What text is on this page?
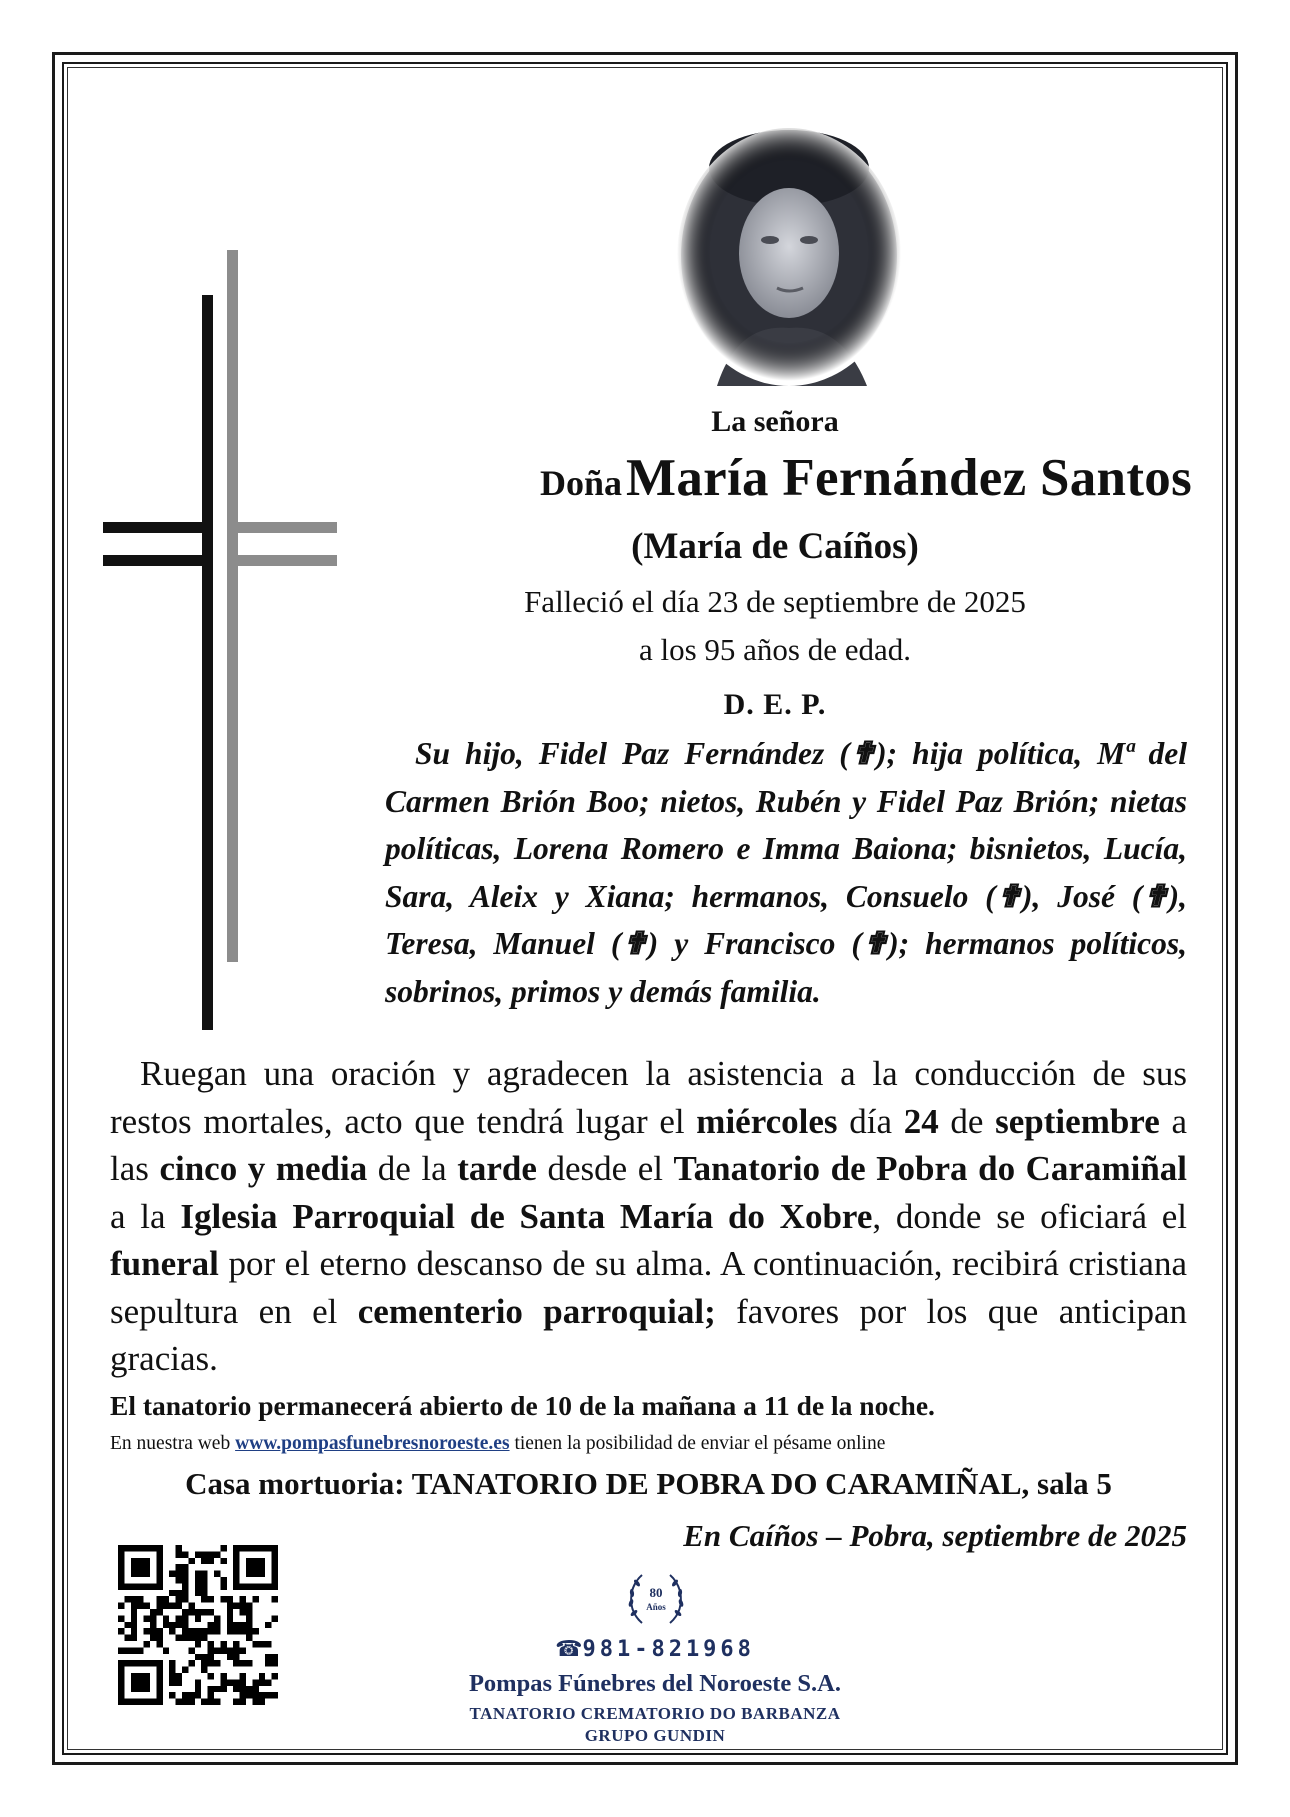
La señora
Doña María Fernández Santos
(María de Caíños)
Falleció el día 23 de septiembre de 2025
a los 95 años de edad.
D. E. P.

Su hijo, Fidel Paz Fernández (✟); hija política, Mª del Carmen Brión Boo; nietos, Rubén y Fidel Paz Brión; nietas políticas, Lorena Romero e Imma Baiona; bisnietos, Lucía, Sara, Aleix y Xiana; hermanos, Consuelo (✟), José (✟), Teresa, Manuel (✟) y Francisco (✟); hermanos políticos, sobrinos, primos y demás familia.

Ruegan una oración y agradecen la asistencia a la conducción de sus restos mortales, acto que tendrá lugar el miércoles día 24 de septiembre a las cinco y media de la tarde desde el Tanatorio de Pobra do Caramiñal a la Iglesia Parroquial de Santa María do Xobre, donde se oficiará el funeral por el eterno descanso de su alma. A continuación, recibirá cristiana sepultura en el cementerio parroquial; favores por los que anticipan gracias.

El tanatorio permanecerá abierto de 10 de la mañana a 11 de la noche.
En nuestra web www.pompasfunebresnoroeste.es tienen la posibilidad de enviar el pésame online
Casa mortuoria: TANATORIO DE POBRA DO CARAMIÑAL, sala 5
En Caíños – Pobra, septiembre de 2025
80
Años
☎981-821968
Pompas Fúnebres del Noroeste S.A.
TANATORIO CREMATORIO DO BARBANZA
GRUPO GUNDIN
